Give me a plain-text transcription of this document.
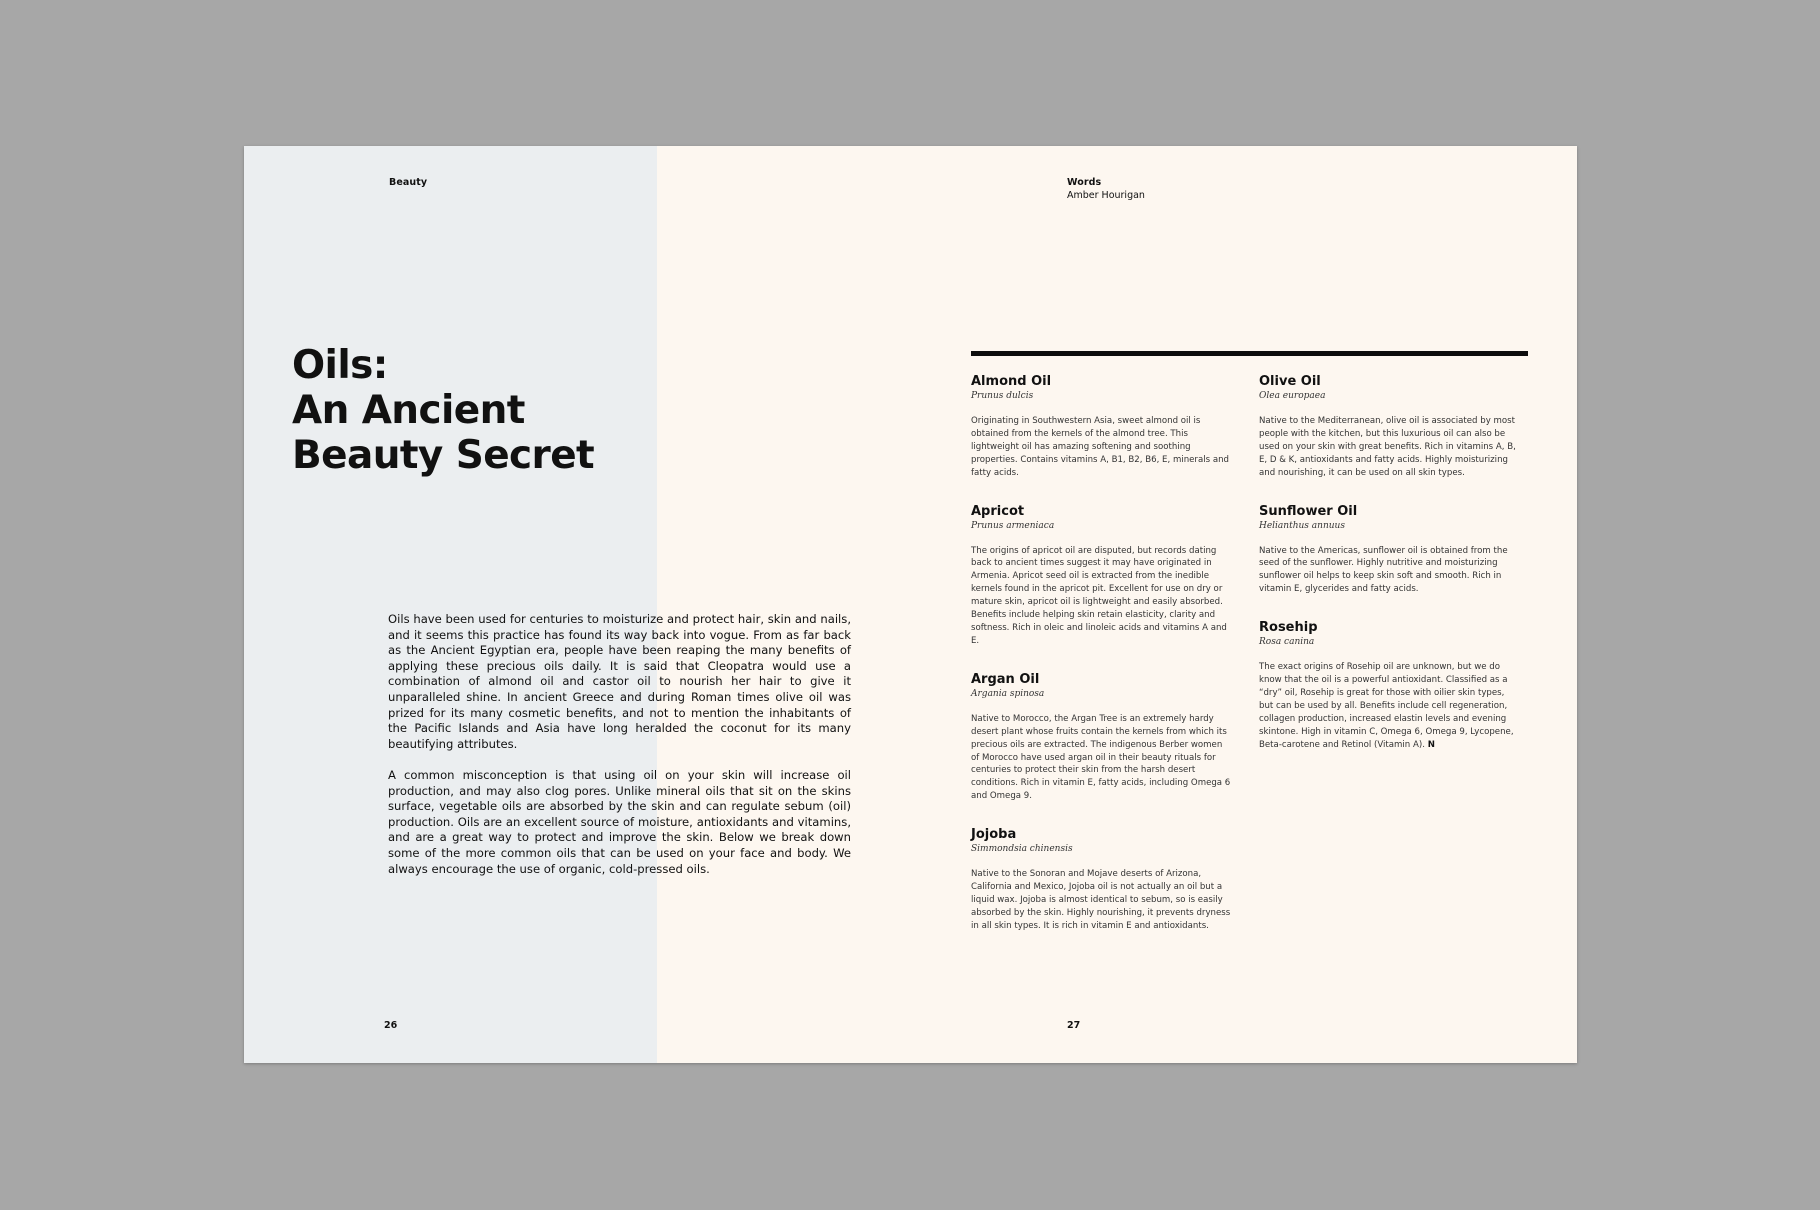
Beauty
Oils:
An Ancient
Beauty Secret

Oils have been used for centuries to moisturize and protect hair, skin and nails, and it seems this practice has found its way back into vogue. From as far back as the Ancient Egyptian era, people have been reaping the many benefits of applying these precious oils daily. It is said that Cleopatra would use a combination of almond oil and castor oil to nourish her hair to give it unparalleled shine. In ancient Greece and during Roman times olive oil was prized for its many cosmetic benefits, and not to mention the inhabitants of the Pacific Islands and Asia have long heralded the coconut for its many beautifying attributes.

A common misconception is that using oil on your skin will increase oil production, and may also clog pores. Unlike mineral oils that sit on the skins surface, vegetable oils are absorbed by the skin and can regulate sebum (oil) production. Oils are an excellent source of moisture, antioxidants and vitamins, and are a great way to protect and improve the skin. Below we break down some of the more common oils that can be used on your face and body. We always encourage the use of organic, cold-pressed oils.

26
Words
Amber Hourigan
Almond Oil
Prunus dulcis
Originating in Southwestern Asia, sweet almond oil is obtained from the kernels of the almond tree. This lightweight oil has amazing softening and soothing properties. Contains vitamins A, B1, B2, B6, E, minerals and fatty acids.
Apricot
Prunus armeniaca
The origins of apricot oil are disputed, but records dating back to ancient times suggest it may have originated in Armenia. Apricot seed oil is extracted from the inedible kernels found in the apricot pit. Excellent for use on dry or mature skin, apricot oil is lightweight and easily absorbed. Benefits include helping skin retain elasticity, clarity and softness. Rich in oleic and linoleic acids and vitamins A and E.
Argan Oil
Argania spinosa
Native to Morocco, the Argan Tree is an extremely hardy desert plant whose fruits contain the kernels from which its precious oils are extracted. The indigenous Berber women of Morocco have used argan oil in their beauty rituals for centuries to protect their skin from the harsh desert conditions. Rich in vitamin E, fatty acids, including Omega 6 and Omega 9.
Jojoba
Simmondsia chinensis
Native to the Sonoran and Mojave deserts of Arizona, California and Mexico, Jojoba oil is not actually an oil but a liquid wax. Jojoba is almost identical to sebum, so is easily absorbed by the skin. Highly nourishing, it prevents dryness in all skin types. It is rich in vitamin E and antioxidants.
Olive Oil
Olea europaea
Native to the Mediterranean, olive oil is associated by most people with the kitchen, but this luxurious oil can also be used on your skin with great benefits. Rich in vitamins A, B, E, D & K, antioxidants and fatty acids. Highly moisturizing and nourishing, it can be used on all skin types.
Sunflower Oil
Helianthus annuus
Native to the Americas, sunflower oil is obtained from the seed of the sunflower. Highly nutritive and moisturizing sunflower oil helps to keep skin soft and smooth. Rich in vitamin E, glycerides and fatty acids.
Rosehip
Rosa canina
The exact origins of Rosehip oil are unknown, but we do know that the oil is a powerful antioxidant. Classified as a “dry” oil, Rosehip is great for those with oilier skin types, but can be used by all. Benefits include cell regeneration, collagen production, increased elastin levels and evening skintone. High in vitamin C, Omega 6, Omega 9, Lycopene, Beta-carotene and Retinol (Vitamin A). N
27
